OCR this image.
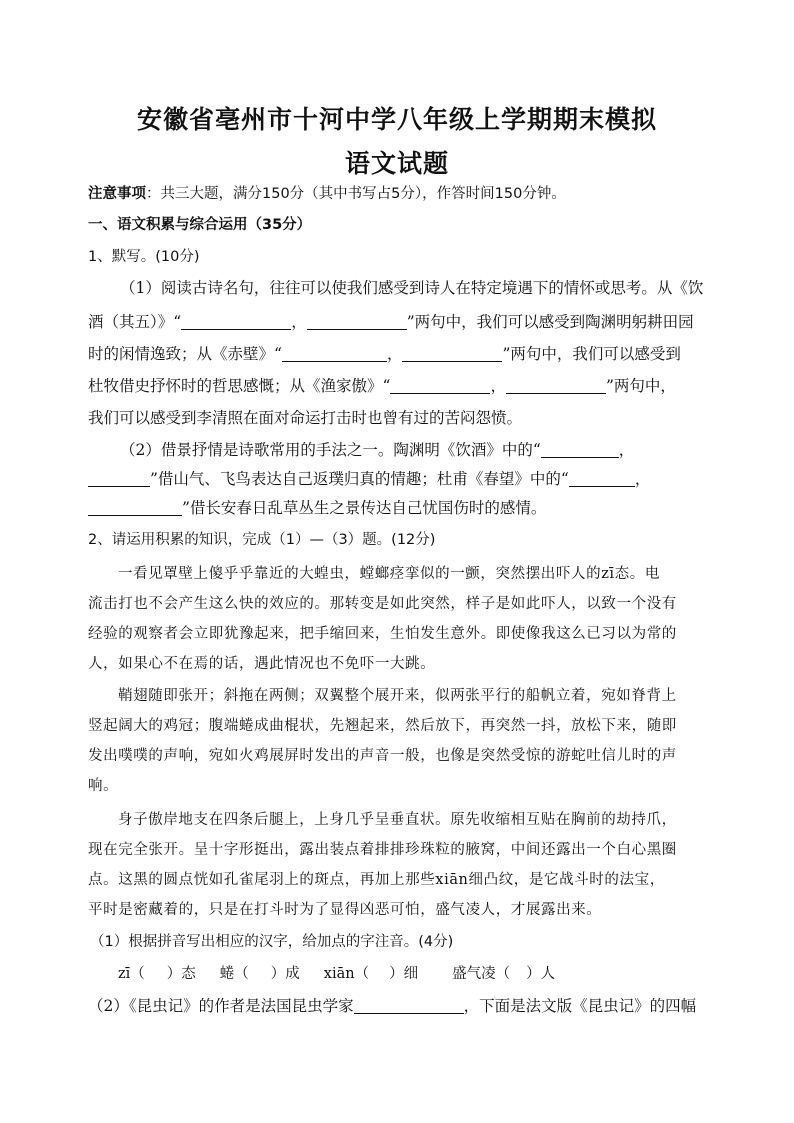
安徽省亳州市十河中学八年级上学期期末模拟
语文试题
注意事项：共三大题，满分150分（其中书写占5分），作答时间150分钟。
一、语文积累与综合运用（35分）
1、默写。(10分)
（1）阅读古诗名句，往往可以使我们感受到诗人在特定境遇下的情怀或思考。从《饮
酒（其五）》“	，	”两句中，我们可以感受到陶渊明躬耕田园
时的闲情逸致；从《赤壁》“	，	”两句中，我们可以感受到
杜牧借史抒怀时的哲思感慨；从《渔家傲》“	，	”两句中，
我们可以感受到李清照在面对命运打击时也曾有过的苦闷怨愤。
（2）借景抒情是诗歌常用的手法之一。陶渊明《饮酒》中的“	，
”借山气、飞鸟表达自己返璞归真的情趣；杜甫《春望》中的“	，
”借长安春日乱草丛生之景传达自己忧国伤时的感情。
2、请运用积累的知识，完成（1）—（3）题。(12分)
一看见罩壁上傻乎乎靠近的大蝗虫，螳螂痉挛似的一颤，突然摆出吓人的zī态。电
流击打也不会产生这么快的效应的。那转变是如此突然，样子是如此吓人，以致一个没有
经验的观察者会立即犹豫起来，把手缩回来，生怕发生意外。即使像我这么已习以为常的
人，如果心不在焉的话，遇此情况也不免吓一大跳。
鞘翅随即张开；斜拖在两侧；双翼整个展开来，似两张平行的船帆立着，宛如脊背上
竖起阔大的鸡冠；腹端蜷成曲棍状，先翘起来，然后放下，再突然一抖，放松下来，随即
发出噗噗的声响，宛如火鸡展屏时发出的声音一般，也像是突然受惊的游蛇吐信儿时的声
响。
身子傲岸地支在四条后腿上，上身几乎呈垂直状。原先收缩相互贴在胸前的劫持爪，
现在完全张开。呈十字形挺出，露出装点着排排珍珠粒的腋窝，中间还露出一个白心黑圈
点。这黑的圆点恍如孔雀尾羽上的斑点，再加上那些xiān细凸纹，是它战斗时的法宝，
平时是密藏着的，只是在打斗时为了显得凶恶可怕，盛气凌人，才展露出来。
（1）根据拼音写出相应的汉字，给加点的字注音。(4分)
zī（ ）态 蜷（ ）成 xiān（ ）细 盛气凌（ ）人
（2）《昆虫记》的作者是法国昆虫学家	，下面是法文版《昆虫记》的四幅
